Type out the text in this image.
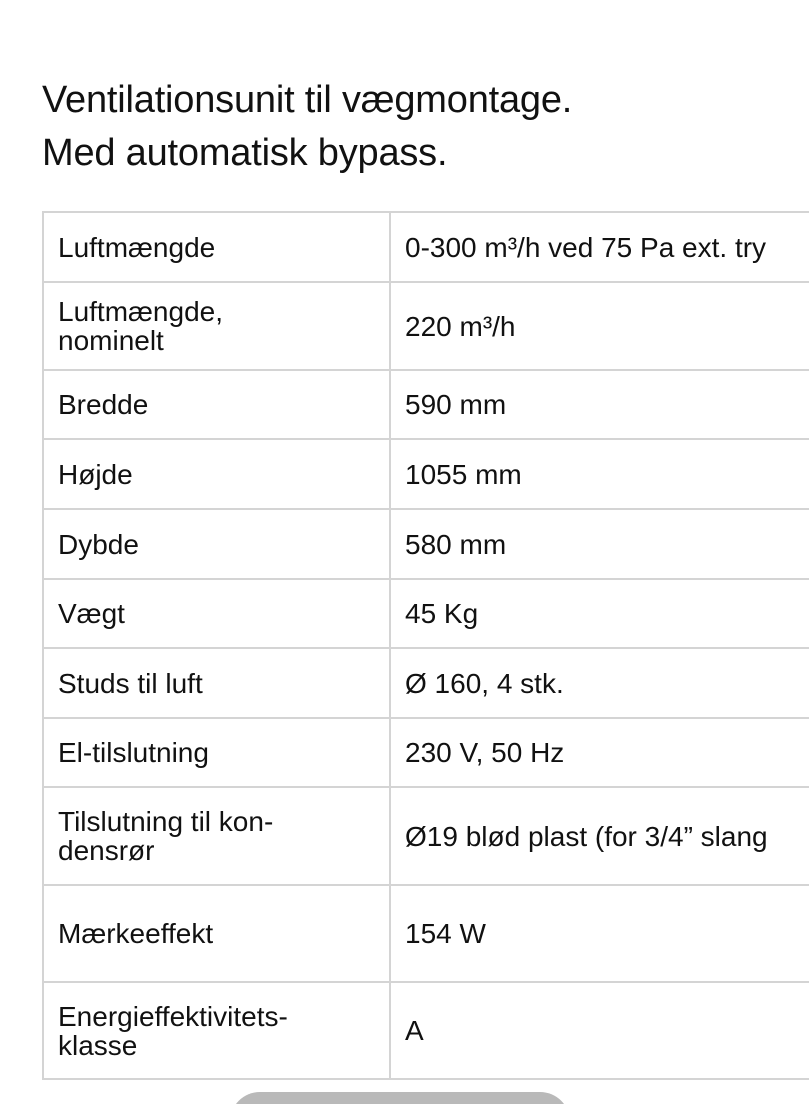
Ventilationsunit til vægmontage.
Med automatisk bypass.
Luftmængde	0-300 m³/h ved 75 Pa ext. try

Luftmængde,
nominelt	220 m³/h
Bredde	590 mm
Højde	1055 mm
Dybde	580 mm
Vægt	45 Kg
Studs til luft	Ø 160, 4 stk.
El-tilslutning	230 V, 50 Hz

Tilslutning til kon-
densrør	Ø19 blød plast (for 3/4” slang
Mærkeeffekt	154 W

Energieffektivitets-
klasse	A
